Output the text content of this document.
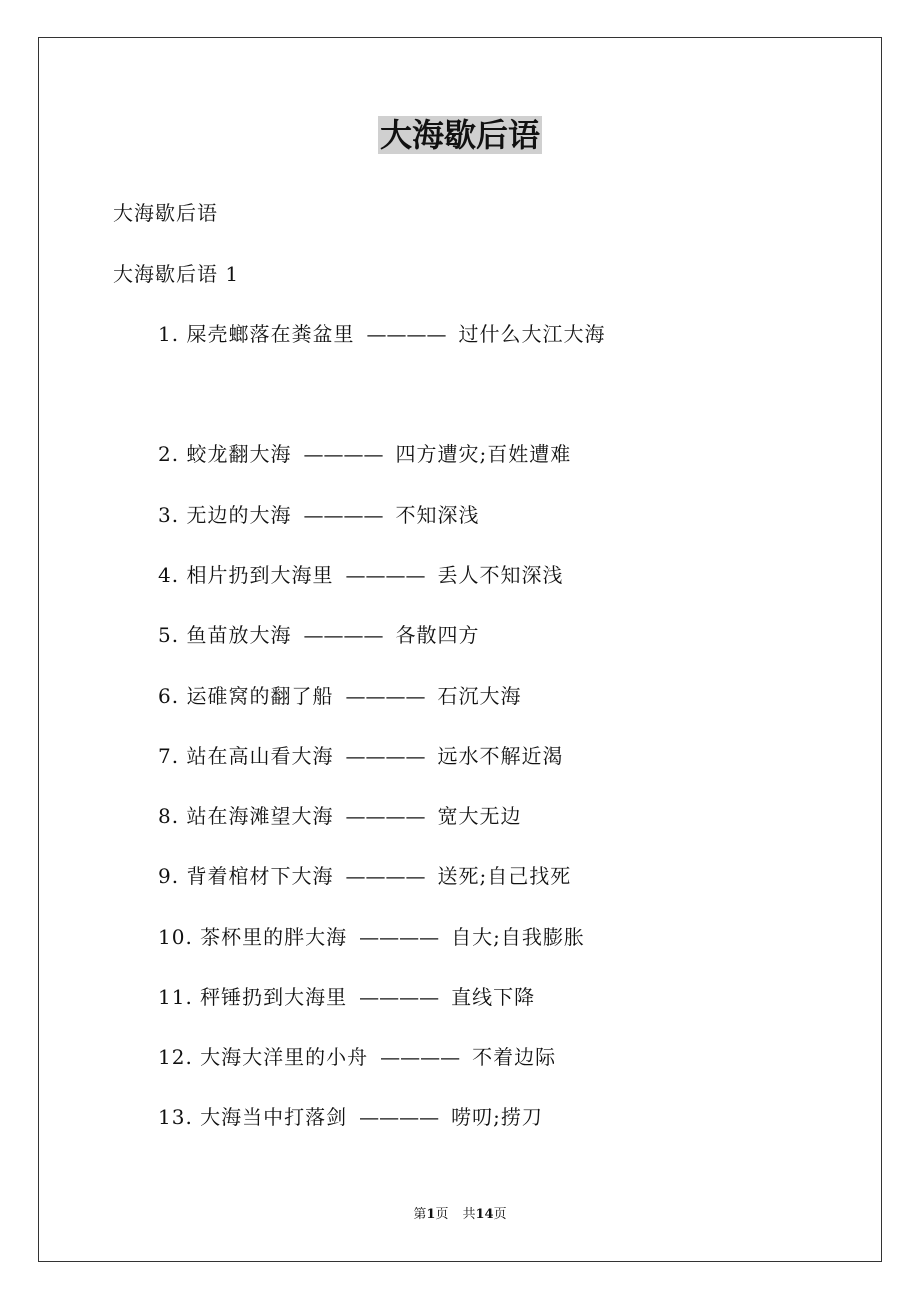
大海歇后语

大海歇后语

大海歇后语 1

1. 屎壳螂落在粪盆里 ———— 过什么大江大海
2. 蛟龙翻大海 ———— 四方遭灾;百姓遭难
3. 无边的大海 ———— 不知深浅
4. 相片扔到大海里 ———— 丢人不知深浅
5. 鱼苗放大海 ———— 各散四方
6. 运碓窝的翻了船 ———— 石沉大海
7. 站在高山看大海 ———— 远水不解近渴
8. 站在海滩望大海 ———— 宽大无边
9. 背着棺材下大海 ———— 送死;自己找死
10. 茶杯里的胖大海 ———— 自大;自我膨胀
11. 秤锤扔到大海里 ———— 直线下降
12. 大海大洋里的小舟 ———— 不着边际
13. 大海当中打落剑 ———— 唠叨;捞刀
第1页 共14页
